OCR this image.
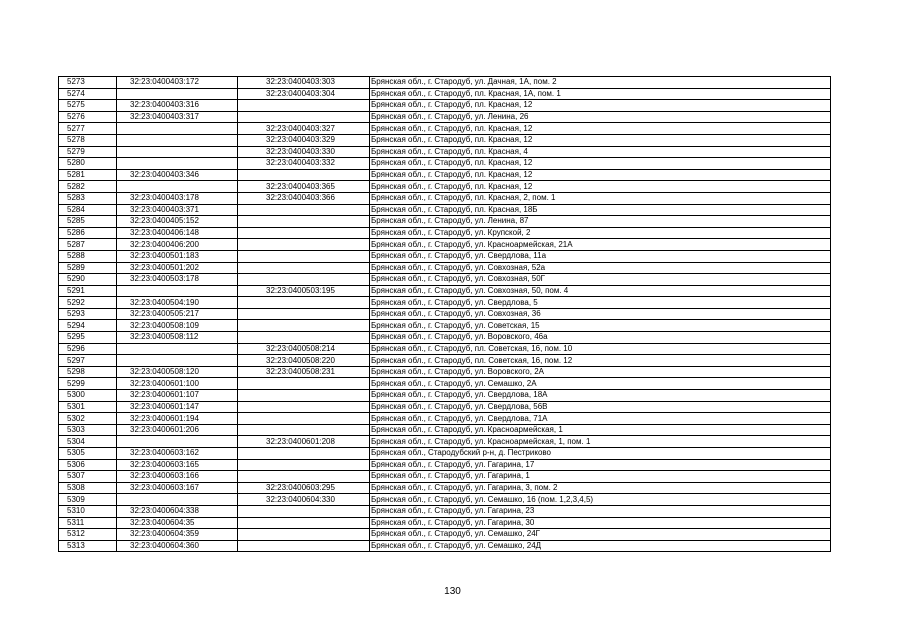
5273	32:23:0400403:172	32:23:0400403:303	Брянская обл., г. Стародуб, ул. Дачная, 1А, пом. 2
5274		32:23:0400403:304	Брянская обл., г. Стародуб, пл. Красная, 1А, пом. 1
5275	32:23:0400403:316		Брянская обл., г. Стародуб, пл. Красная, 12
5276	32:23:0400403:317		Брянская обл., г. Стародуб, ул. Ленина, 26
5277		32:23:0400403:327	Брянская обл., г. Стародуб, пл. Красная, 12
5278		32:23:0400403:329	Брянская обл., г. Стародуб, пл. Красная, 12
5279		32:23:0400403:330	Брянская обл., г. Стародуб, пл. Красная, 4
5280		32:23:0400403:332	Брянская обл., г. Стародуб, пл. Красная, 12
5281	32:23:0400403:346		Брянская обл., г. Стародуб, пл. Красная, 12
5282		32:23:0400403:365	Брянская обл., г. Стародуб, пл. Красная, 12
5283	32:23:0400403:178	32:23:0400403:366	Брянская обл., г. Стародуб, пл. Красная, 2, пом. 1
5284	32:23:0400403:371		Брянская обл., г. Стародуб, пл. Красная, 18Б
5285	32:23:0400405:152		Брянская обл., г. Стародуб, ул. Ленина, 87
5286	32:23:0400406:148		Брянская обл., г. Стародуб, ул. Крупской, 2
5287	32:23:0400406:200		Брянская обл., г. Стародуб, ул. Красноармейская, 21А
5288	32:23:0400501:183		Брянская обл., г. Стародуб, ул. Свердлова, 11а
5289	32:23:0400501:202		Брянская обл., г. Стародуб, ул. Совхозная, 52а
5290	32:23:0400503:178		Брянская обл., г. Стародуб, ул. Совхозная, 50Г
5291		32:23:0400503:195	Брянская обл., г. Стародуб, ул. Совхозная, 50, пом. 4
5292	32:23:0400504:190		Брянская обл., г. Стародуб, ул. Свердлова, 5
5293	32:23:0400505:217		Брянская обл., г. Стародуб, ул. Совхозная, 36
5294	32:23:0400508:109		Брянская обл., г. Стародуб, ул. Советская, 15
5295	32:23:0400508:112		Брянская обл., г. Стародуб, ул. Воровского, 46а
5296		32:23:0400508:214	Брянская обл., г. Стародуб, пл. Советская, 16, пом. 10
5297		32:23:0400508:220	Брянская обл., г. Стародуб, пл. Советская, 16, пом. 12
5298	32:23:0400508:120	32:23:0400508:231	Брянская обл., г. Стародуб, ул. Воровского, 2А
5299	32:23:0400601:100		Брянская обл., г. Стародуб, ул. Семашко, 2А
5300	32:23:0400601:107		Брянская обл., г. Стародуб, ул. Свердлова, 18А
5301	32:23:0400601:147		Брянская обл., г. Стародуб, ул. Свердлова, 56В
5302	32:23:0400601:194		Брянская обл., г. Стародуб, ул. Свердлова, 71А
5303	32:23:0400601:206		Брянская обл., г. Стародуб, ул. Красноармейская, 1
5304		32:23:0400601:208	Брянская обл., г. Стародуб, ул. Красноармейская, 1, пом. 1
5305	32:23:0400603:162		Брянская обл., Стародубский р-н, д. Пестриково
5306	32:23:0400603:165		Брянская обл., г. Стародуб, ул. Гагарина, 17
5307	32:23:0400603:166		Брянская обл., г. Стародуб, ул. Гагарина, 1
5308	32:23:0400603:167	32:23:0400603:295	Брянская обл., г. Стародуб, ул. Гагарина, 3, пом. 2
5309		32:23:0400604:330	Брянская обл., г. Стародуб, ул. Семашко, 16 (пом. 1,2,3,4,5)
5310	32:23:0400604:338		Брянская обл., г. Стародуб, ул. Гагарина, 23
5311	32:23:0400604:35		Брянская обл., г. Стародуб, ул. Гагарина, 30
5312	32:23:0400604:359		Брянская обл., г. Стародуб, ул. Семашко, 24Г
5313	32:23:0400604:360		Брянская обл., г. Стародуб, ул. Семашко, 24Д
130
